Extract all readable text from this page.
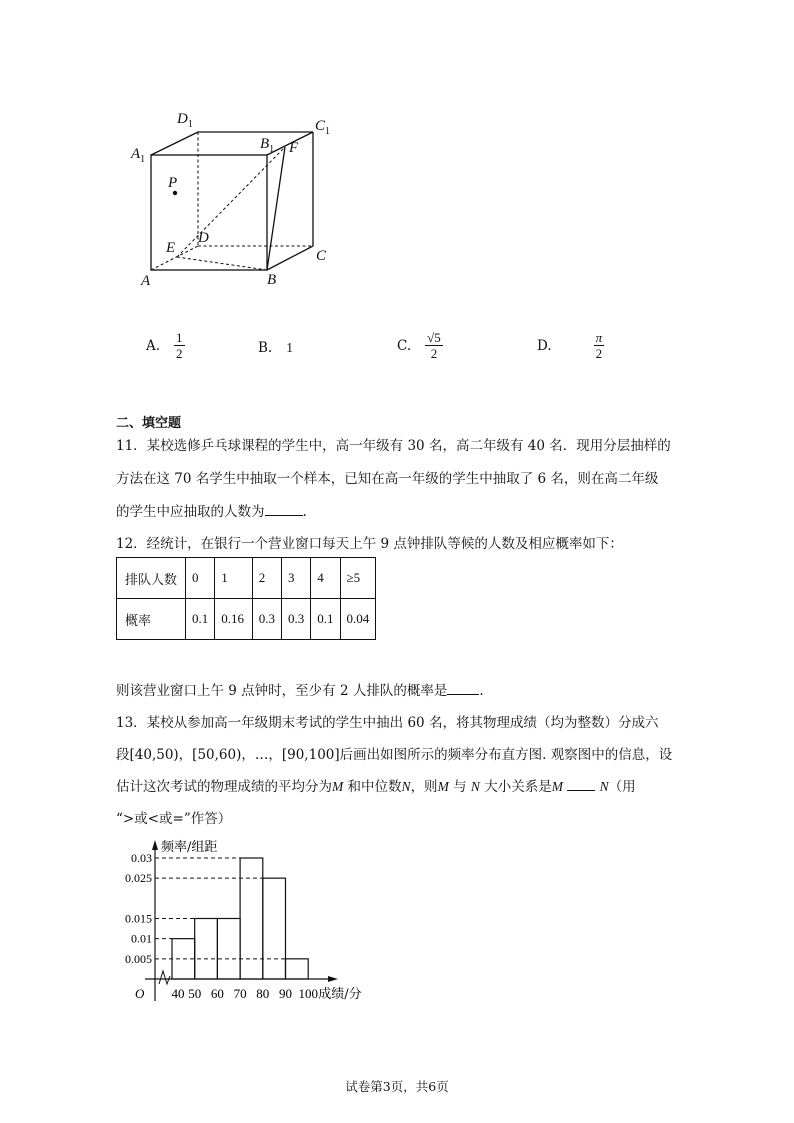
$D_1$	$C_1$
$A_1$
$B_1$ F
P
D
E	C
A	B
A. $\frac{1}{2}$	B. 1	C. $\frac{√5}{2}$	D.	$\frac{\pi}{2}$
二、填空题
11．某校选修乒乓球课程的学生中，高一年级有 30 名，高二年级有 40 名．现用分层抽样的
方法在这 70 名学生中抽取一个样本，已知在高一年级的学生中抽取了 6 名，则在高二年级
的学生中应抽取的人数为	.
12．经统计，在银行一个营业窗口每天上午 9 点钟排队等候的人数及相应概率如下：
排队人数	0	1	2	3	4	≥5
概率	0.1	0.16	0.3	0.3	0.1	0.04
则该营业窗口上午 9 点钟时，至少有 2 人排队的概率是 .
13．某校从参加高一年级期末考试的学生中抽出 60 名，将其物理成绩（均为整数）分成六
段[40,50)，[50,60)，…，[90,100]后画出如图所示的频率分布直方图. 观察图中的信息，设
估计这次考试的物理成绩的平均分为M 和中位数N，则M 与 N 大小关系是M	N（用
“>或<或=”作答）
0.005
0.01
0.015
0.025
0.03
40 50 60 70 80 90 100 成绩/分
频率/组距
O
试卷第3页，共6页
